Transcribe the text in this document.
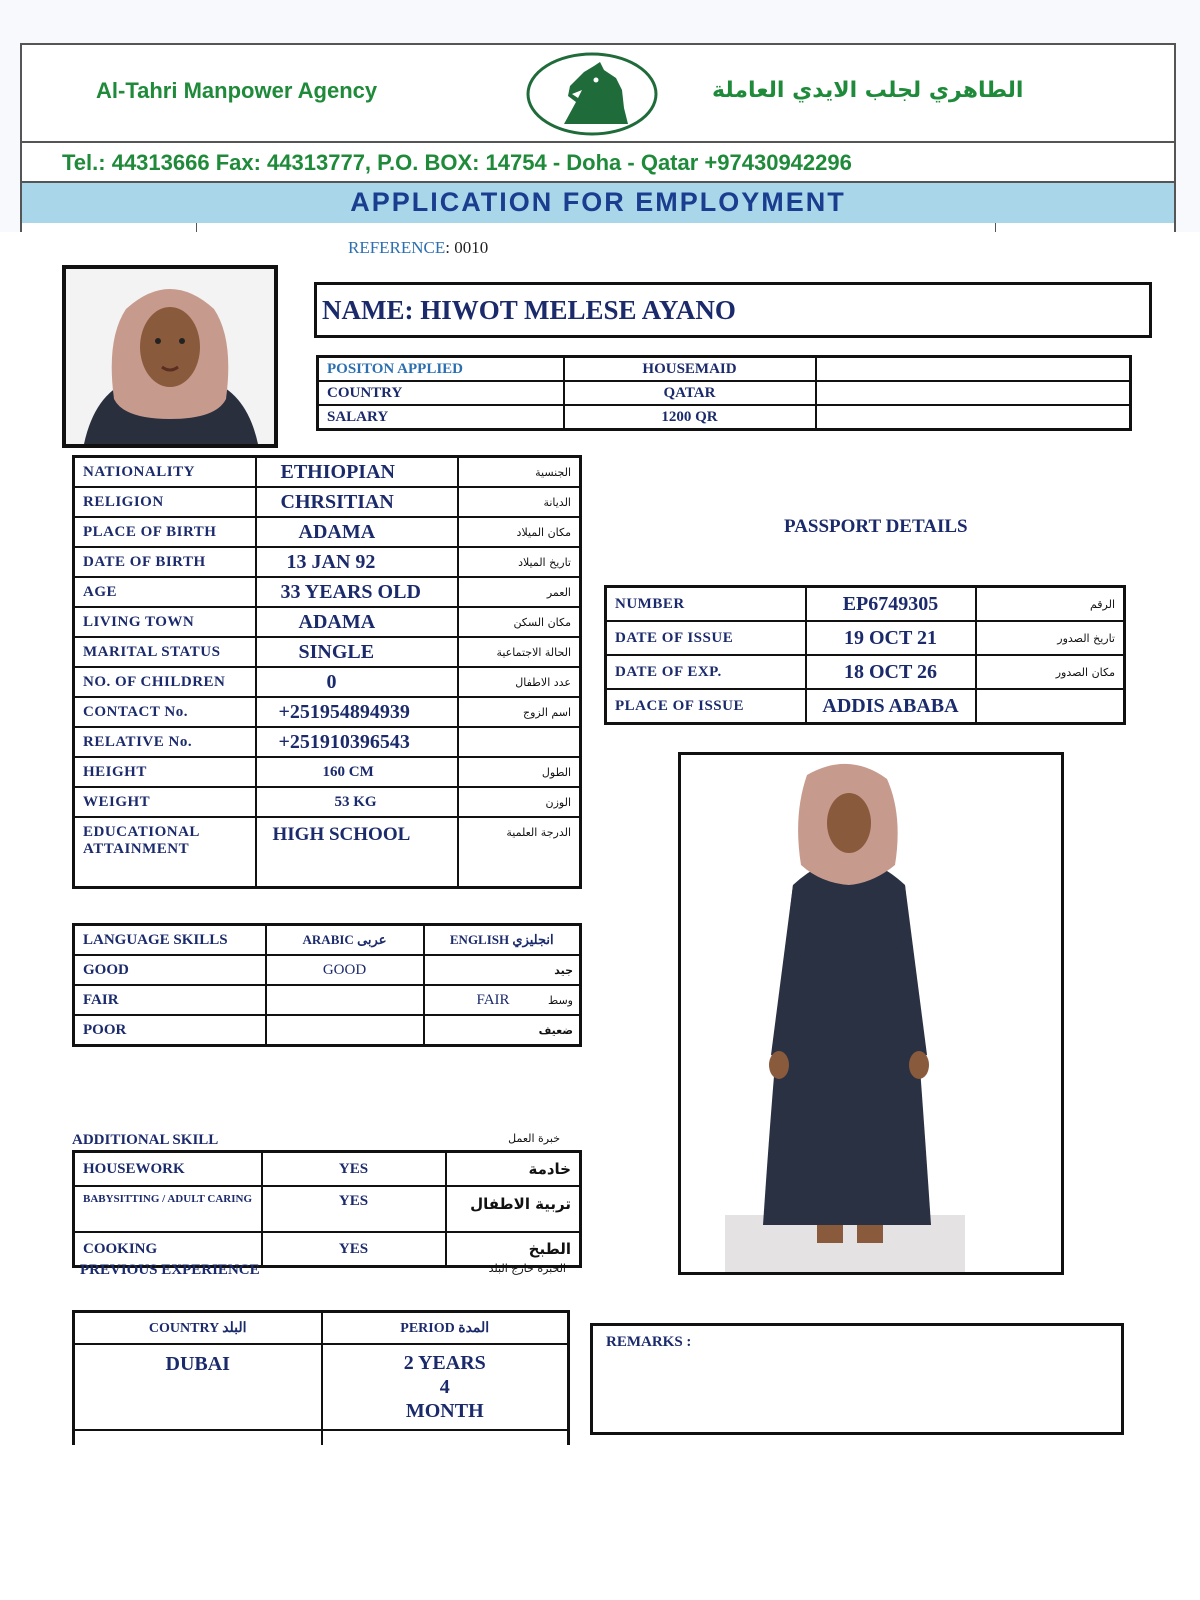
Al-Tahri Manpower Agency	الطاهري لجلب الايدي العاملة
Tel.: 44313666 Fax: 44313777, P.O. BOX: 14754 - Doha - Qatar +97430942296
APPLICATION FOR EMPLOYMENT
REFERENCE: 0010
NAME: HIWOT MELESE AYANO
POSITON APPLIED	HOUSEMAID	
COUNTRY	QATAR	
SALARY	1200 QR	
NATIONALITY	ETHIOPIAN	الجنسية
RELIGION	CHRSITIAN	الديانة
PLACE OF BIRTH	ADAMA	مكان الميلاد
DATE OF BIRTH	13 JAN 92	تاريخ الميلاد
AGE	33 YEARS OLD	العمر
LIVING TOWN	ADAMA	مكان السكن
MARITAL STATUS	SINGLE	الحالة الاجتماعية
NO. OF CHILDREN	0	عدد الاطفال
CONTACT No.	+251954894939	اسم الزوج
RELATIVE No.	+251910396543	
HEIGHT	160 CM	الطول
WEIGHT	53 KG	الوزن
EDUCATIONAL ATTAINMENT	HIGH SCHOOL	الدرجة العلمية
PASSPORT DETAILS
NUMBER	EP6749305	الرقم
DATE OF ISSUE	19 OCT 21	تاريخ الصدور
DATE OF EXP.	18 OCT 26	مكان الصدور
PLACE OF ISSUE	ADDIS ABABA	
LANGUAGE SKILLS	ARABIC عربى	ENGLISH انجليزي
GOOD	GOOD	جيد

FAIR		FAIR وسط

POOR		ضعيف
ADDITIONAL SKILL	خبرة العمل
HOUSEWORK	YES	خادمة
BABYSITTING / ADULT CARING	YES	تربية الاطفال
COOKING	YES	الطبخ
PREVIOUS EXPERIENCE	الخبرة خارج البلد
COUNTRY البلد	PERIOD المدة
DUBAI	2 YEARS
4
MONTH

REMARKS :
